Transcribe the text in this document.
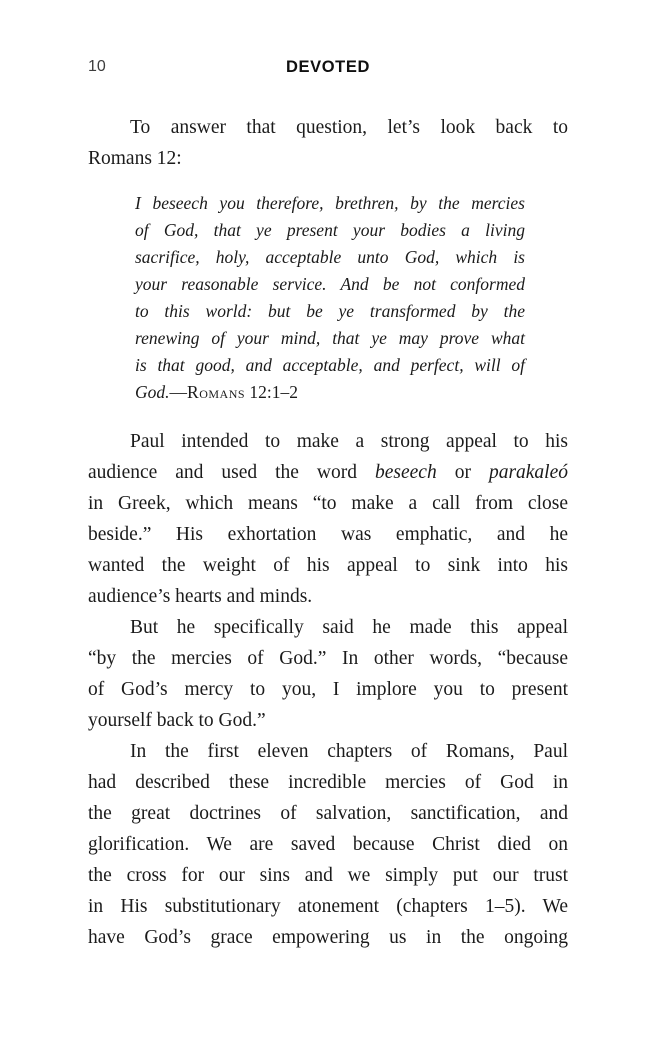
10	DEVOTED
To answer that question, let’s look back to
Romans 12:
I beseech you therefore, brethren, by the mercies
of God, that ye present your bodies a living
sacrifice, holy, acceptable unto God, which is
your reasonable service. And be not conformed
to this world: but be ye transformed by the
renewing of your mind, that ye may prove what
is that good, and acceptable, and perfect, will of
God.—Romans 12:1–2
Paul intended to make a strong appeal to his
audience and used the word beseech or parakaleó
in Greek, which means “to make a call from close
beside.” His exhortation was emphatic, and he
wanted the weight of his appeal to sink into his
audience’s hearts and minds.
But he specifically said he made this appeal
“by the mercies of God.” In other words, “because
of God’s mercy to you, I implore you to present
yourself back to God.”
In the first eleven chapters of Romans, Paul
had described these incredible mercies of God in
the great doctrines of salvation, sanctification, and
glorification. We are saved because Christ died on
the cross for our sins and we simply put our trust
in His substitutionary atonement (chapters 1–5). We
have God’s grace empowering us in the ongoing
